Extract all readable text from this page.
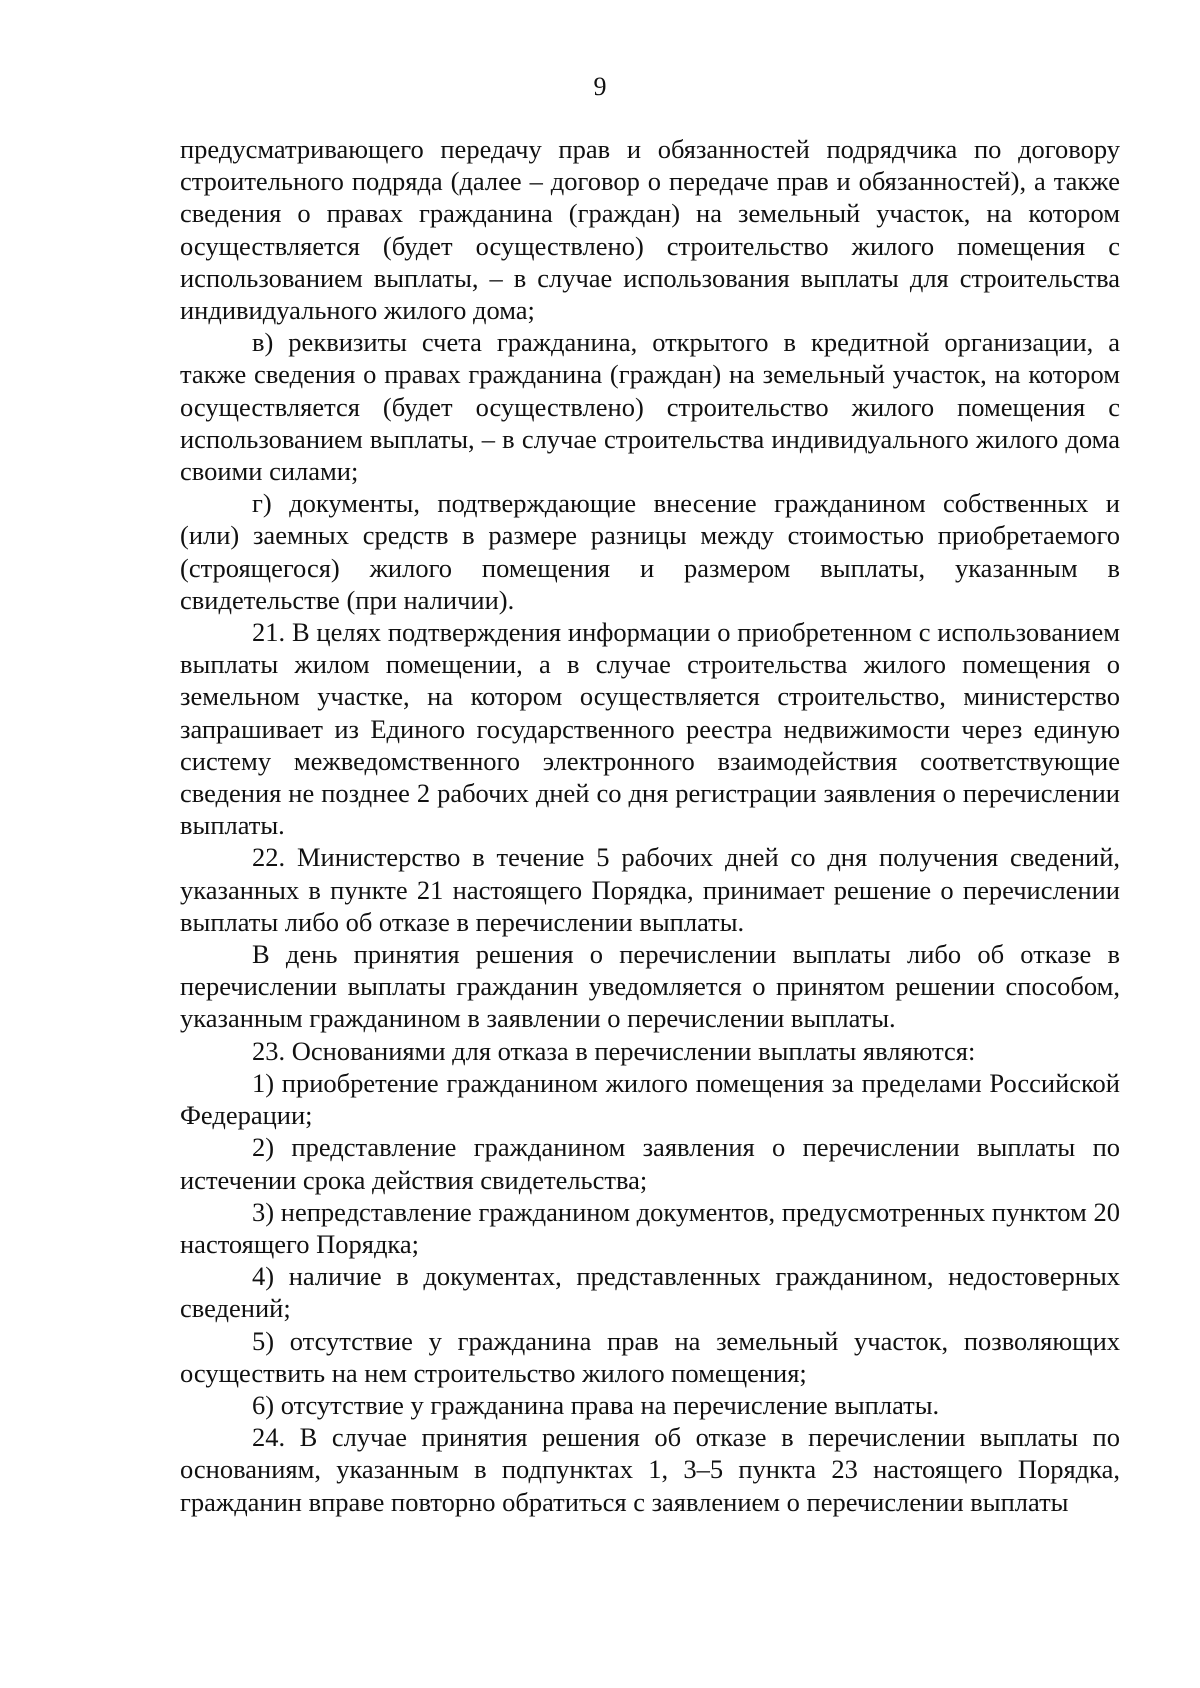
9

предусматривающего передачу прав и обязанностей подрядчика по договору строительного подряда (далее – договор о передаче прав и обязанностей), а также сведения о правах гражданина (граждан) на земельный участок, на котором осуществляется (будет осуществлено) строительство жилого помещения с использованием выплаты, – в случае использования выплаты для строительства индивидуального жилого дома;

в) реквизиты счета гражданина, открытого в кредитной организации, а также сведения о правах гражданина (граждан) на земельный участок, на котором осуществляется (будет осуществлено) строительство жилого помещения с использованием выплаты, – в случае строительства индивидуального жилого дома своими силами;

г) документы, подтверждающие внесение гражданином собственных и (или) заемных средств в размере разницы между стоимостью приобретаемого (строящегося) жилого помещения и размером выплаты, указанным в свидетельстве (при наличии).

21. В целях подтверждения информации о приобретенном с использованием выплаты жилом помещении, а в случае строительства жилого помещения о земельном участке, на котором осуществляется строительство, министерство запрашивает из Единого государственного реестра недвижимости через единую систему межведомственного электронного взаимодействия соответствующие сведения не позднее 2 рабочих дней со дня регистрации заявления о перечислении выплаты.

22. Министерство в течение 5 рабочих дней со дня получения сведений, указанных в пункте 21 настоящего Порядка, принимает решение о перечислении выплаты либо об отказе в перечислении выплаты.

В день принятия решения о перечислении выплаты либо об отказе в перечислении выплаты гражданин уведомляется о принятом решении способом, указанным гражданином в заявлении о перечислении выплаты.

23. Основаниями для отказа в перечислении выплаты являются:

1) приобретение гражданином жилого помещения за пределами Российской Федерации;

2) представление гражданином заявления о перечислении выплаты по истечении срока действия свидетельства;

3) непредставление гражданином документов, предусмотренных пунктом 20 настоящего Порядка;

4) наличие в документах, представленных гражданином, недостоверных сведений;

5) отсутствие у гражданина прав на земельный участок, позволяющих осуществить на нем строительство жилого помещения;

6) отсутствие у гражданина права на перечисление выплаты.

24. В случае принятия решения об отказе в перечислении выплаты по основаниям, указанным в подпунктах 1, 3–5 пункта 23 настоящего Порядка, гражданин вправе повторно обратиться с заявлением о перечислении выплаты
